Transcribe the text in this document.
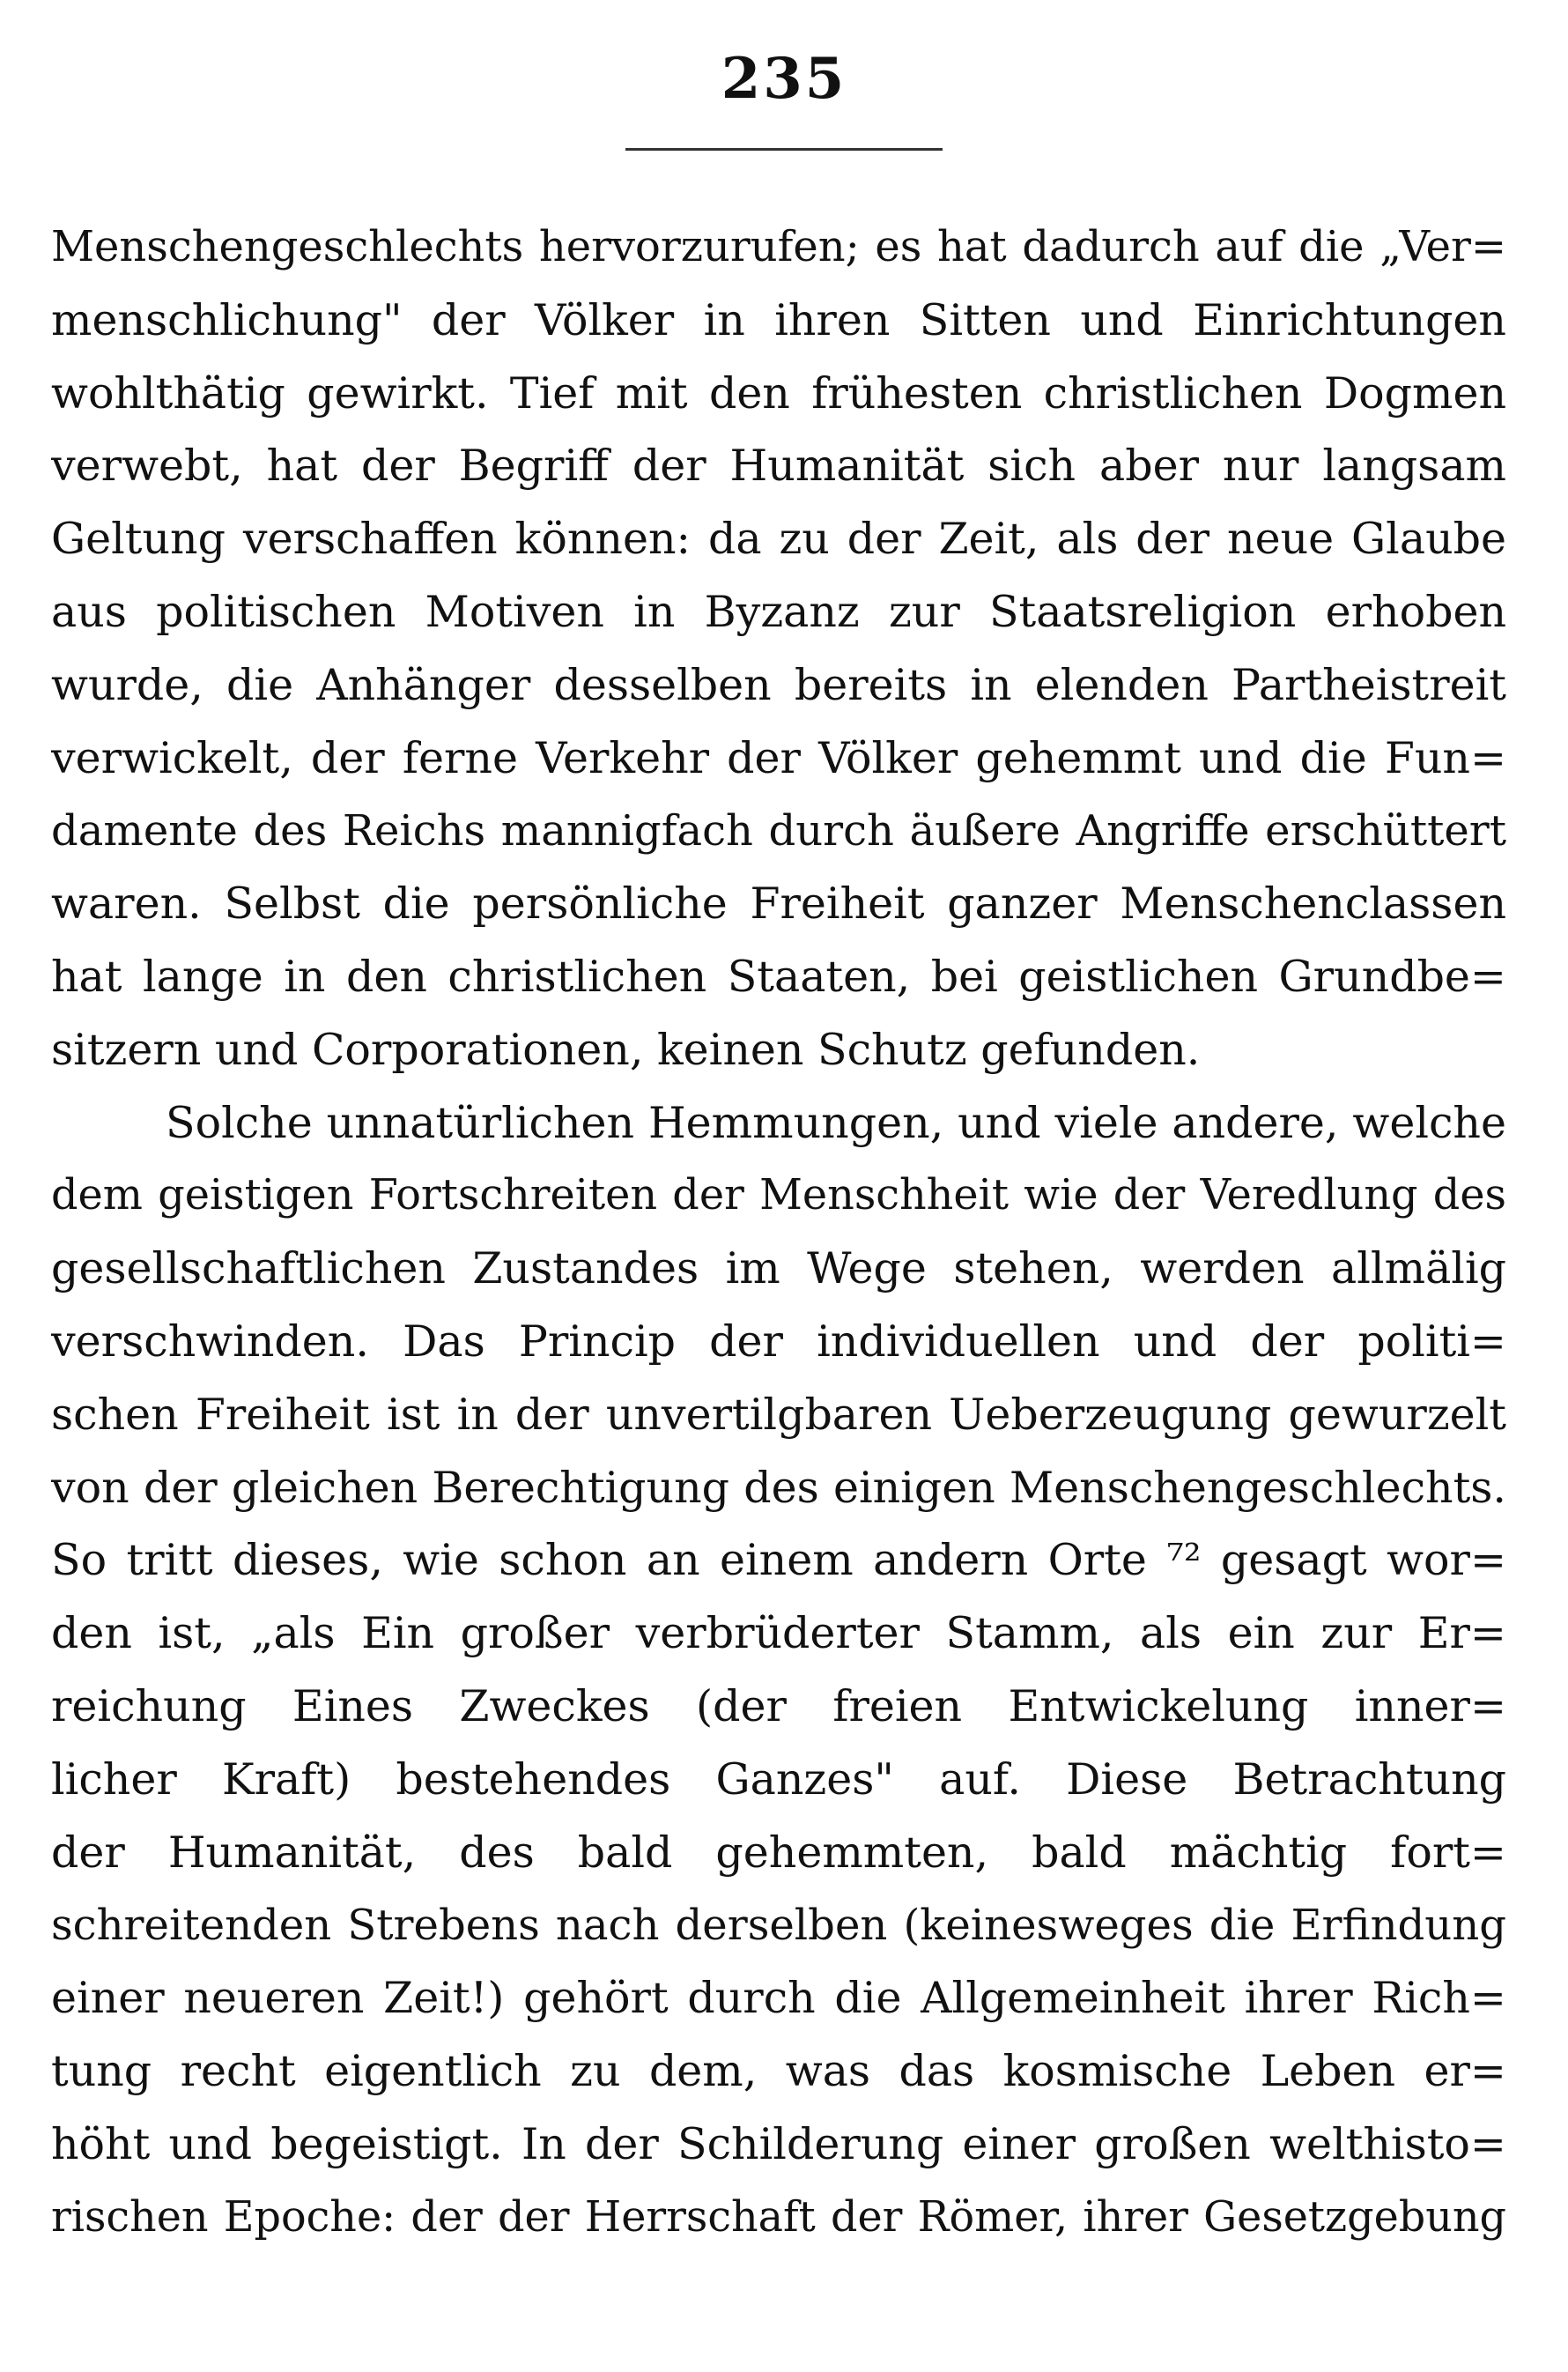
235
Menschengeschlechts hervorzurufen; es hat dadurch auf die „Ver=
menschlichung" der Völker in ihren Sitten und Einrichtungen
wohlthätig gewirkt. Tief mit den frühesten christlichen Dogmen
verwebt, hat der Begriff der Humanität sich aber nur langsam
Geltung verschaffen können: da zu der Zeit, als der neue Glaube
aus politischen Motiven in Byzanz zur Staatsreligion erhoben
wurde, die Anhänger desselben bereits in elenden Partheistreit
verwickelt, der ferne Verkehr der Völker gehemmt und die Fun=
damente des Reichs mannigfach durch äußere Angriffe erschüttert
waren. Selbst die persönliche Freiheit ganzer Menschenclassen
hat lange in den christlichen Staaten, bei geistlichen Grundbe=
sitzern und Corporationen, keinen Schutz gefunden.
Solche unnatürlichen Hemmungen, und viele andere, welche
dem geistigen Fortschreiten der Menschheit wie der Veredlung des
gesellschaftlichen Zustandes im Wege stehen, werden allmälig
verschwinden. Das Princip der individuellen und der politi=
schen Freiheit ist in der unvertilgbaren Ueberzeugung gewurzelt
von der gleichen Berechtigung des einigen Menschengeschlechts.
So tritt dieses, wie schon an einem andern Orte ⁷² gesagt wor=
den ist, „als Ein großer verbrüderter Stamm, als ein zur Er=
reichung Eines Zweckes (der freien Entwickelung inner=
licher Kraft) bestehendes Ganzes" auf. Diese Betrachtung
der Humanität, des bald gehemmten, bald mächtig fort=
schreitenden Strebens nach derselben (keinesweges die Erfindung
einer neueren Zeit!) gehört durch die Allgemeinheit ihrer Rich=
tung recht eigentlich zu dem, was das kosmische Leben er=
höht und begeistigt. In der Schilderung einer großen welthisto=
rischen Epoche: der der Herrschaft der Römer, ihrer Gesetzgebung
